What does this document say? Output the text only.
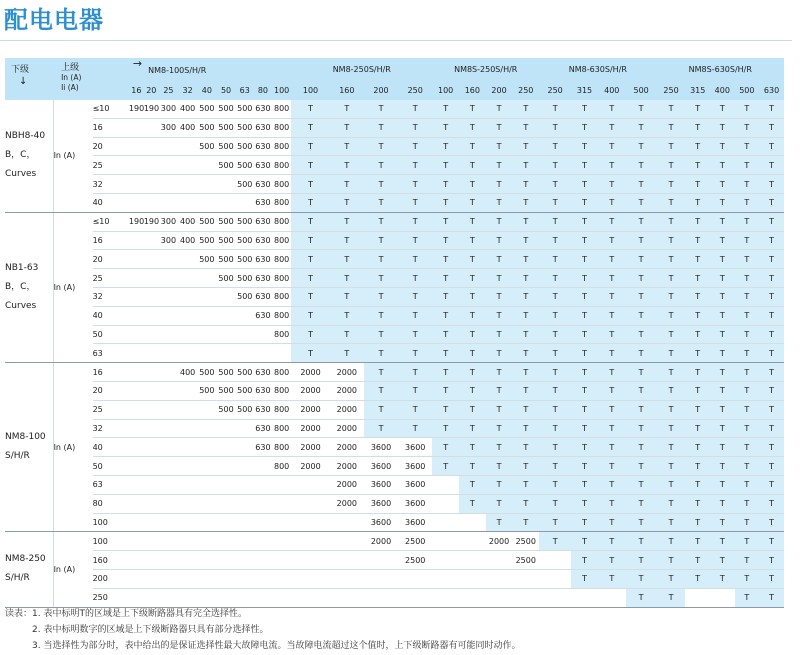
配电电器
下级
↓	上级
In (A)
Ii (A)		→NM8-100S/H/R									NM8-250S/H/R				NM8S-250S/H/R				NM8-630S/H/R				NM8S-630S/H/R				
			16	20	25	32	40	50	63	80	100	100	160	200	250	100	160	200	250	250	315	400	500	250	315	400	500	630

NBH8-40
B，C，
Curves	In (A)	≤10	190	190	300	400	500	500	500	630	800	T	T	T	T	T	T	T	T	T	T	T	T	T	T	T	T	T
		16			300	400	500	500	500	630	800	T	T	T	T	T	T	T	T	T	T	T	T	T	T	T	T	T
		20					500	500	500	630	800	T	T	T	T	T	T	T	T	T	T	T	T	T	T	T	T	T
		25						500	500	630	800	T	T	T	T	T	T	T	T	T	T	T	T	T	T	T	T	T
		32							500	630	800	T	T	T	T	T	T	T	T	T	T	T	T	T	T	T	T	T
		40								630	800	T	T	T	T	T	T	T	T	T	T	T	T	T	T	T	T	T

NB1-63
B，C，
Curves	In (A)	≤10	190	190	300	400	500	500	500	630	800	T	T	T	T	T	T	T	T	T	T	T	T	T	T	T	T	T
		16			300	400	500	500	500	630	800	T	T	T	T	T	T	T	T	T	T	T	T	T	T	T	T	T
		20					500	500	500	630	800	T	T	T	T	T	T	T	T	T	T	T	T	T	T	T	T	T
		25						500	500	630	800	T	T	T	T	T	T	T	T	T	T	T	T	T	T	T	T	T
		32							500	630	800	T	T	T	T	T	T	T	T	T	T	T	T	T	T	T	T	T
		40								630	800	T	T	T	T	T	T	T	T	T	T	T	T	T	T	T	T	T
		50									800	T	T	T	T	T	T	T	T	T	T	T	T	T	T	T	T	T
		63										T	T	T	T	T	T	T	T	T	T	T	T	T	T	T	T	T

NM8-100
S/H/R	In (A)	16				400	500	500	500	630	800	2000	2000	T	T	T	T	T	T	T	T	T	T	T	T	T	T	T
		20					500	500	500	630	800	2000	2000	T	T	T	T	T	T	T	T	T	T	T	T	T	T	T
		25						500	500	630	800	2000	2000	T	T	T	T	T	T	T	T	T	T	T	T	T	T	T
		32								630	800	2000	2000	T	T	T	T	T	T	T	T	T	T	T	T	T	T	T
		40								630	800	2000	2000	3600	3600	T	T	T	T	T	T	T	T	T	T	T	T	T
		50									800	2000	2000	3600	3600	T	T	T	T	T	T	T	T	T	T	T	T	T
		63											2000	3600	3600		T	T	T	T	T	T	T	T	T	T	T	T
		80											2000	3600	3600		T	T	T	T	T	T	T	T	T	T	T	T
		100												3600	3600			T	T	T	T	T	T	T	T	T	T	T

NM8-250
S/H/R	In (A)	100												2000	2500			2000	2500	T	T	T	T	T	T	T	T	T
		160													2500				2500		T	T	T	T	T	T	T	T
		200																			T	T	T	T	T	T	T	T
		250																					T	T			T	T
读表：1. 表中标明T的区域是上下级断路器具有完全选择性。
2. 表中标明数字的区域是上下级断路器只具有部分选择性。
3. 当选择性为部分时，表中给出的是保证选择性最大故障电流。当故障电流超过这个值时，上下级断路器有可能同时动作。
